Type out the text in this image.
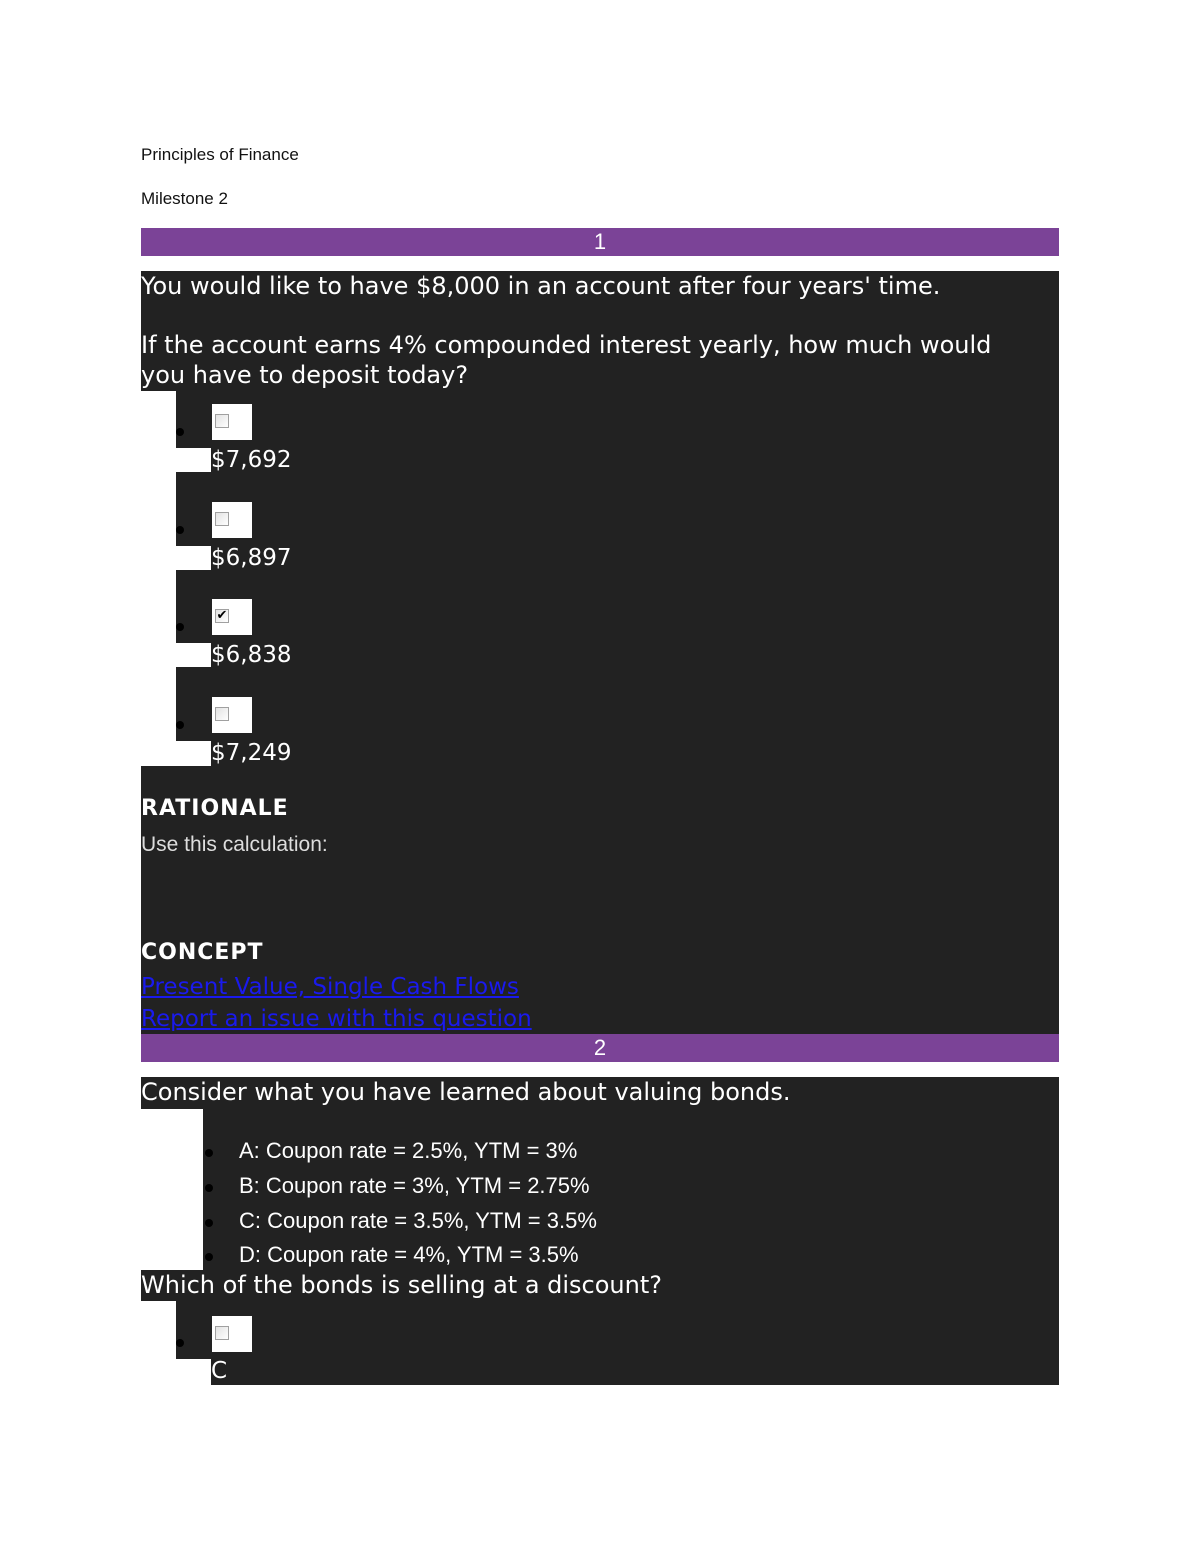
Principles of Finance
Milestone 2
1

You would like to have $8,000 in an account after four years' time.

If the account earns 4% compounded interest yearly, how much would

you have to deposit today?

$7,692
$6,897
✔
$6,838
$7,249
RATIONALE
Use this calculation:
CONCEPT
Present Value, Single Cash Flows
Report an issue with this question
2

Consider what you have learned about valuing bonds.

A: Coupon rate = 2.5%, YTM = 3%
B: Coupon rate = 3%, YTM = 2.75%
C: Coupon rate = 3.5%, YTM = 3.5%
D: Coupon rate = 4%, YTM = 3.5%

Which of the bonds is selling at a discount?

C
